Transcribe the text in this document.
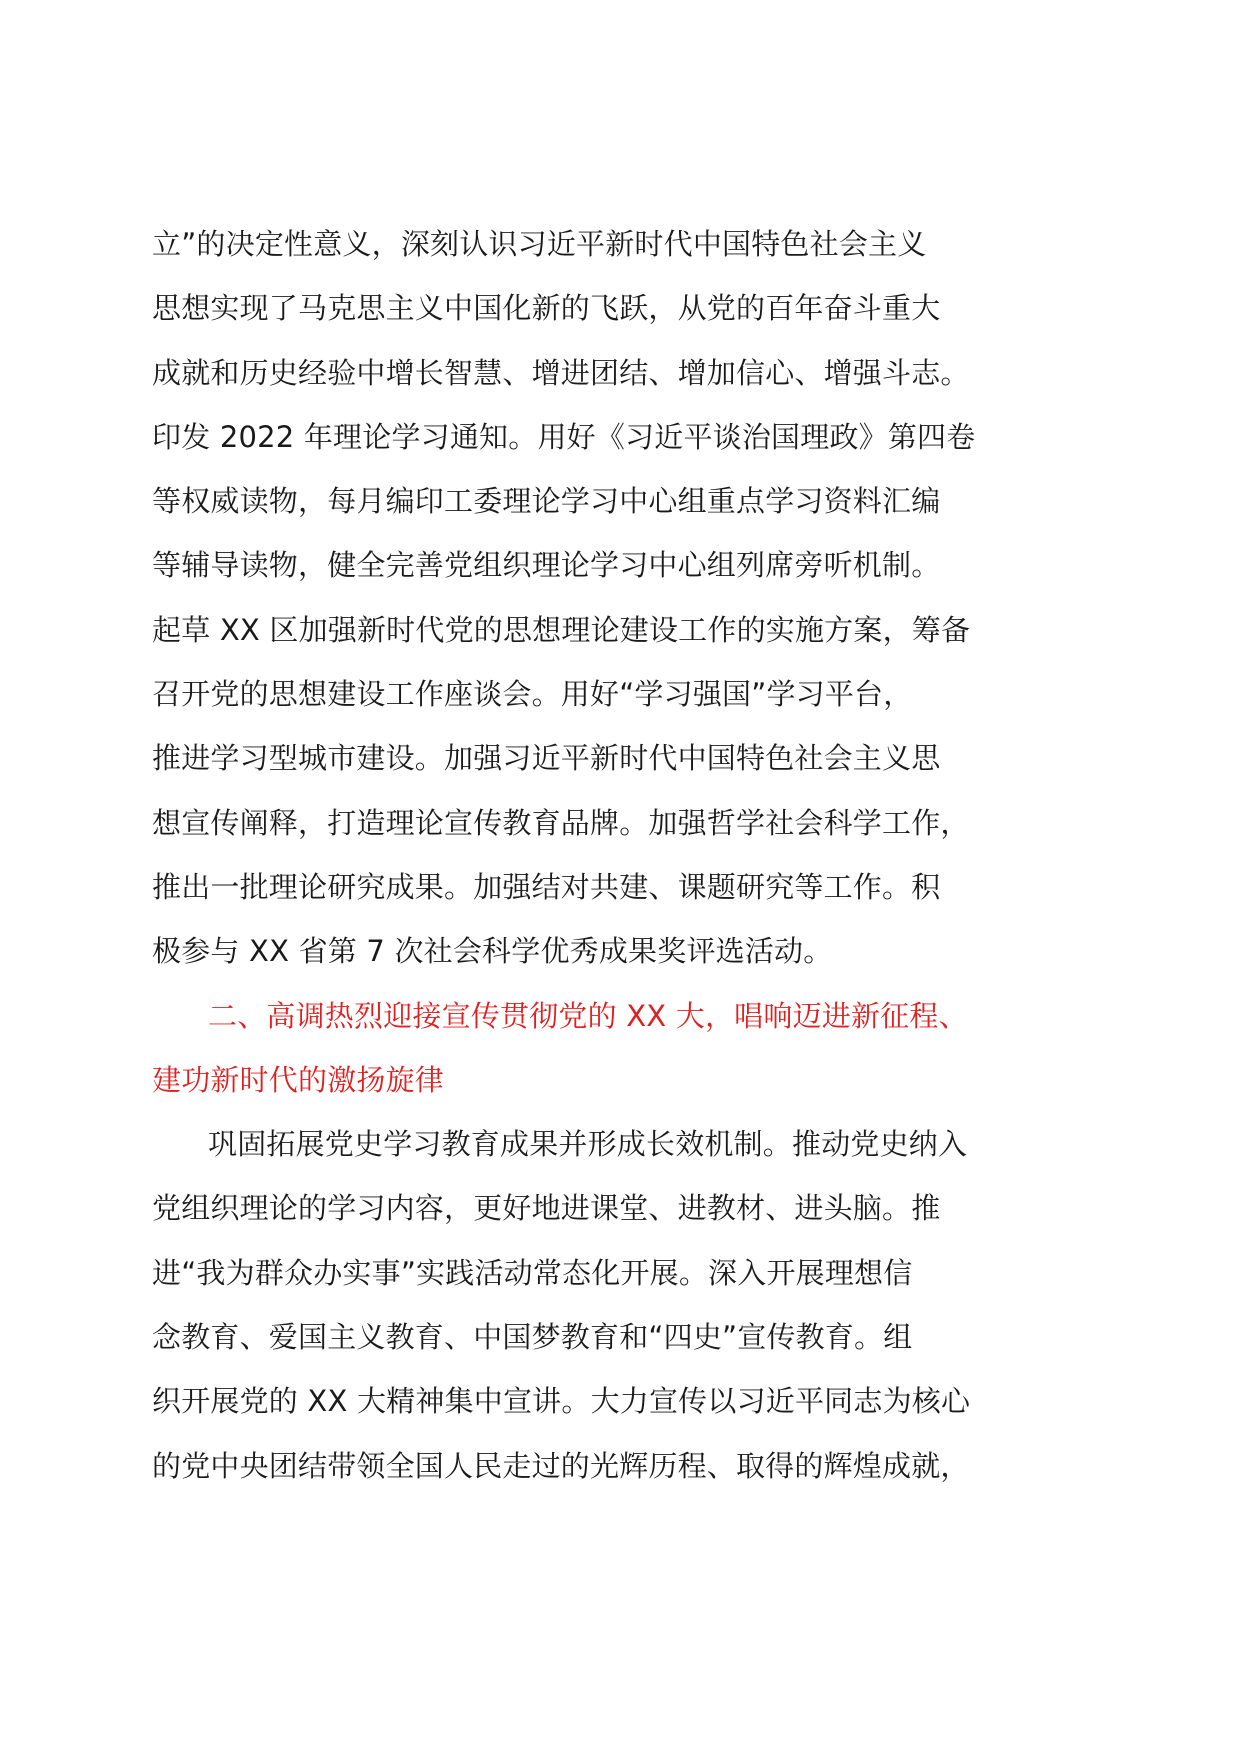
立”的决定性意义，深刻认识习近平新时代中国特色社会主义
思想实现了马克思主义中国化新的飞跃，从党的百年奋斗重大
成就和历史经验中增长智慧、增进团结、增加信心、增强斗志。
印发 2022 年理论学习通知。用好《习近平谈治国理政》第四卷
等权威读物，每月编印工委理论学习中心组重点学习资料汇编
等辅导读物，健全完善党组织理论学习中心组列席旁听机制。
起草 XX 区加强新时代党的思想理论建设工作的实施方案，筹备
召开党的思想建设工作座谈会。用好“学习强国”学习平台，
推进学习型城市建设。加强习近平新时代中国特色社会主义思
想宣传阐释，打造理论宣传教育品牌。加强哲学社会科学工作，
推出一批理论研究成果。加强结对共建、课题研究等工作。积
极参与 XX 省第 7 次社会科学优秀成果奖评选活动。
二、高调热烈迎接宣传贯彻党的 XX 大，唱响迈进新征程、
建功新时代的激扬旋律
巩固拓展党史学习教育成果并形成长效机制。推动党史纳入
党组织理论的学习内容，更好地进课堂、进教材、进头脑。推
进“我为群众办实事”实践活动常态化开展。深入开展理想信
念教育、爱国主义教育、中国梦教育和“四史”宣传教育。组
织开展党的 XX 大精神集中宣讲。大力宣传以习近平同志为核心
的党中央团结带领全国人民走过的光辉历程、取得的辉煌成就，
